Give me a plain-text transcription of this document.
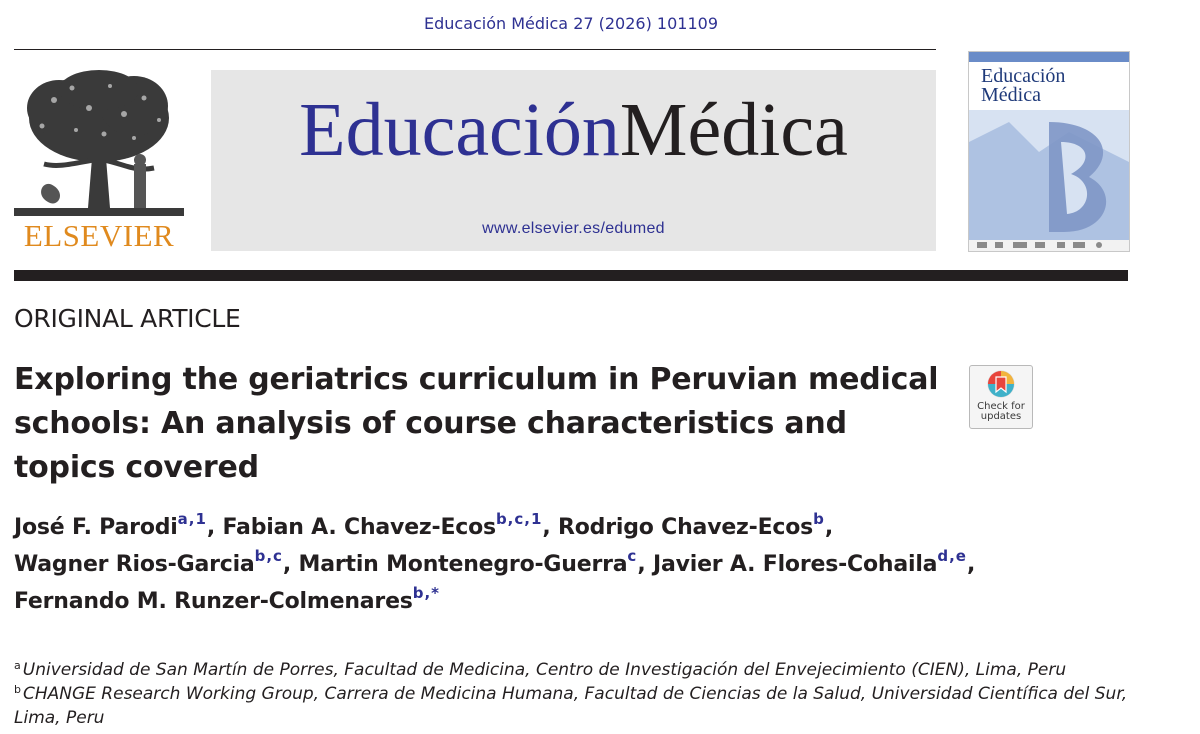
Educación Médica 27 (2026) 101109
ELSEVIER
EducaciónMédica
www.elsevier.es/edumed
Educación
Médica
ORIGINAL ARTICLE
Exploring the geriatrics curriculum in Peruvian medical schools: An analysis of course characteristics and topics covered
Check for
updates

José F. Parodi$^{a,1}$, Fabian A. Chavez-Ecos$^{b,c,1}$, Rodrigo Chavez-Ecos$^b$,
Wagner Rios-Garcia$^{b,c}$, Martin Montenegro-Guerra$^c$, Javier A. Flores-Cohaila$^{d,e}$,
Fernando M. Runzer-Colmenares$^{b,*}$

$^a$ Universidad de San Martín de Porres, Facultad de Medicina, Centro de Investigación del Envejecimiento (CIEN), Lima, Peru
$^b$ CHANGE Research Working Group, Carrera de Medicina Humana, Facultad de Ciencias de la Salud, Universidad Científica del Sur, Lima, Peru
